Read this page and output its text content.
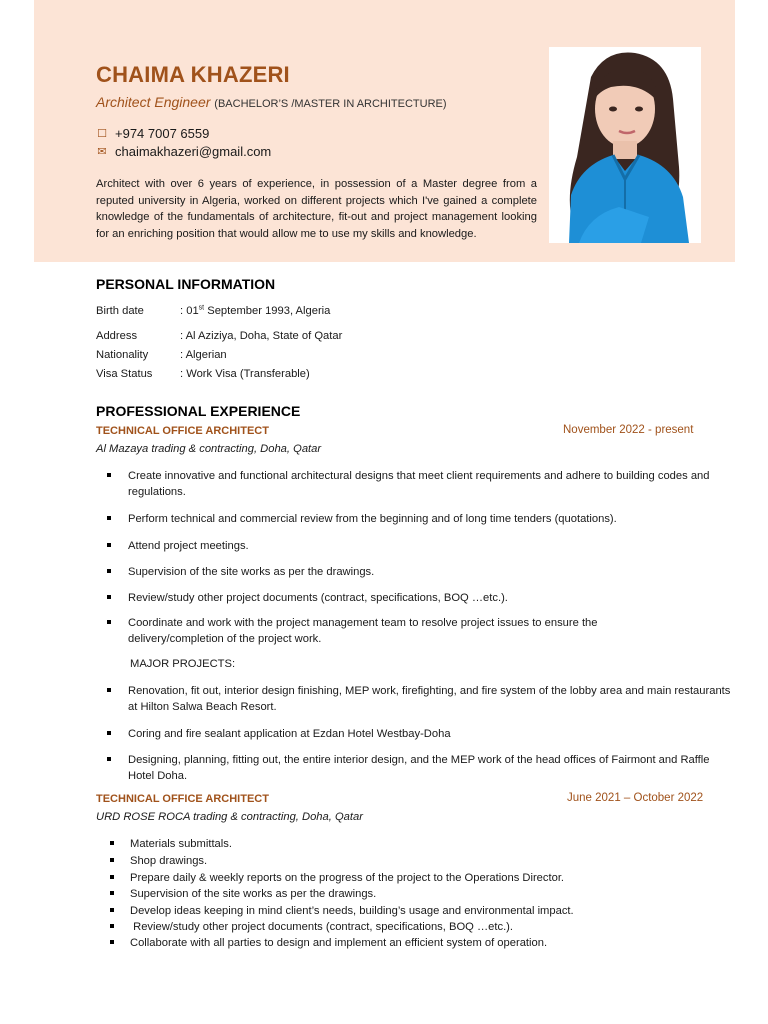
CHAIMA KHAZERI
Architect Engineer (BACHELOR’S /MASTER IN ARCHITECTURE)
☐ +974 7007 6559
✉ chaimakhazeri@gmail.com

Architect with over 6 years of experience, in possession of a Master degree from a reputed university in Algeria, worked on different projects which I've gained a complete knowledge of the fundamentals of architecture, fit-out and project management looking for an enriching position that would allow me to use my skills and knowledge.

PERSONAL INFORMATION
Birth date	: 01st September 1993, Algeria
Address	: Al Aziziya, Doha, State of Qatar
Nationality	: Algerian
Visa Status : Work Visa (Transferable)
PROFESSIONAL EXPERIENCE
TECHNICAL OFFICE ARCHITECT	November 2022 - present
Al Mazaya trading & contracting, Doha, Qatar
Create innovative and functional architectural designs that meet client requirements and adhere to building codes and regulations.
Perform technical and commercial review from the beginning and of long time tenders (quotations).
Attend project meetings.
Supervision of the site works as per the drawings.
Review/study other project documents (contract, specifications, BOQ …etc.).
Coordinate and work with the project management team to resolve project issues to ensure the delivery/completion of the project work.
MAJOR PROJECTS:
Renovation, fit out, interior design finishing, MEP work, firefighting, and fire system of the lobby area and main restaurants at Hilton Salwa Beach Resort.
Coring and fire sealant application at Ezdan Hotel Westbay-Doha
Designing, planning, fitting out, the entire interior design, and the MEP work of the head offices of Fairmont and Raffle Hotel Doha.
TECHNICAL OFFICE ARCHITECT	June 2021 – October 2022
URD ROSE ROCA trading & contracting, Doha, Qatar
Materials submittals.
Shop drawings.
Prepare daily & weekly reports on the progress of the project to the Operations Director.
Supervision of the site works as per the drawings.
Develop ideas keeping in mind client’s needs, building’s usage and environmental impact.
Review/study other project documents (contract, specifications, BOQ …etc.).
Collaborate with all parties to design and implement an efficient system of operation.
